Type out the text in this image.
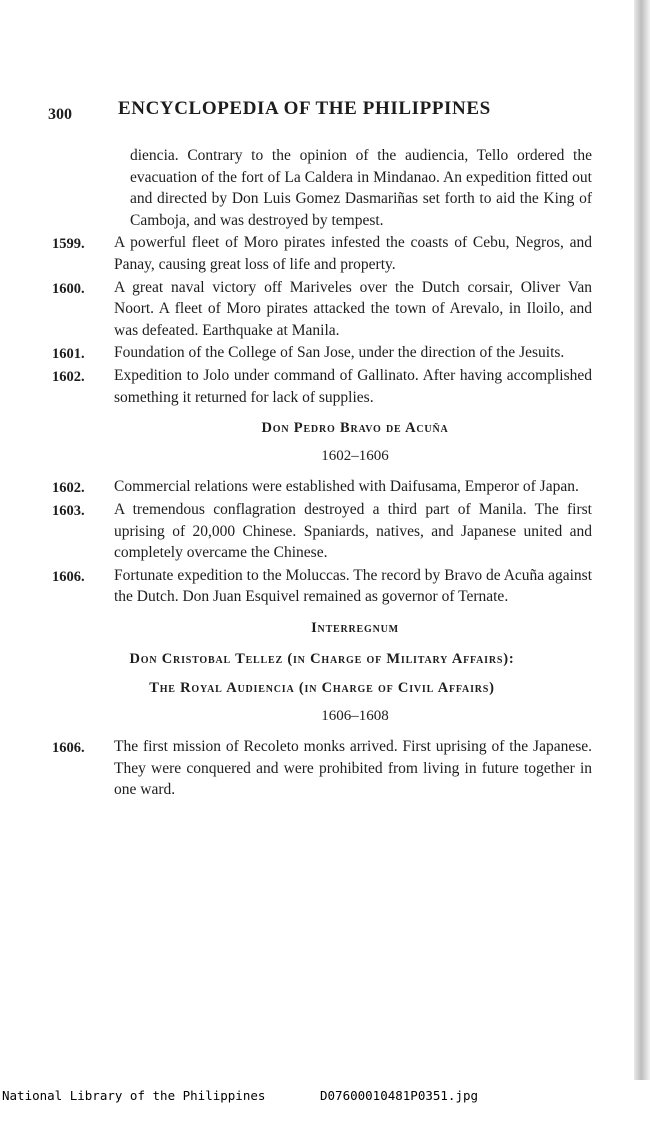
300 ENCYCLOPEDIA OF THE PHILIPPINES
diencia. Contrary to the opinion of the audiencia, Tello ordered the evacuation of the fort of La Caldera in Mindanao. An expedition fitted out and directed by Don Luis Gomez Dasmariñas set forth to aid the King of Camboja, and was destroyed by tempest.
1599. A powerful fleet of Moro pirates infested the coasts of Cebu, Negros, and Panay, causing great loss of life and property.
1600. A great naval victory off Mariveles over the Dutch corsair, Oliver Van Noort. A fleet of Moro pirates attacked the town of Arevalo, in Iloilo, and was defeated. Earthquake at Manila.
1601. Foundation of the College of San Jose, under the direction of the Jesuits.
1602. Expedition to Jolo under command of Gallinato. After having accomplished something it returned for lack of supplies.
Don Pedro Bravo de Acuña
1602–1606
1602. Commercial relations were established with Daifusama, Emperor of Japan.
1603. A tremendous conflagration destroyed a third part of Manila. The first uprising of 20,000 Chinese. Spaniards, natives, and Japanese united and completely overcame the Chinese.
1606. Fortunate expedition to the Moluccas. The record by Bravo de Acuña against the Dutch. Don Juan Esquivel remained as governor of Ternate.
Interregnum
Don Cristobal Tellez (in Charge of Military Affairs):
The Royal Audiencia (in Charge of Civil Affairs)
1606–1608
1606. The first mission of Recoleto monks arrived. First uprising of the Japanese. They were conquered and were prohibited from living in future together in one ward.

National Library of the Philippines

	D07600010481P0351.jpg
